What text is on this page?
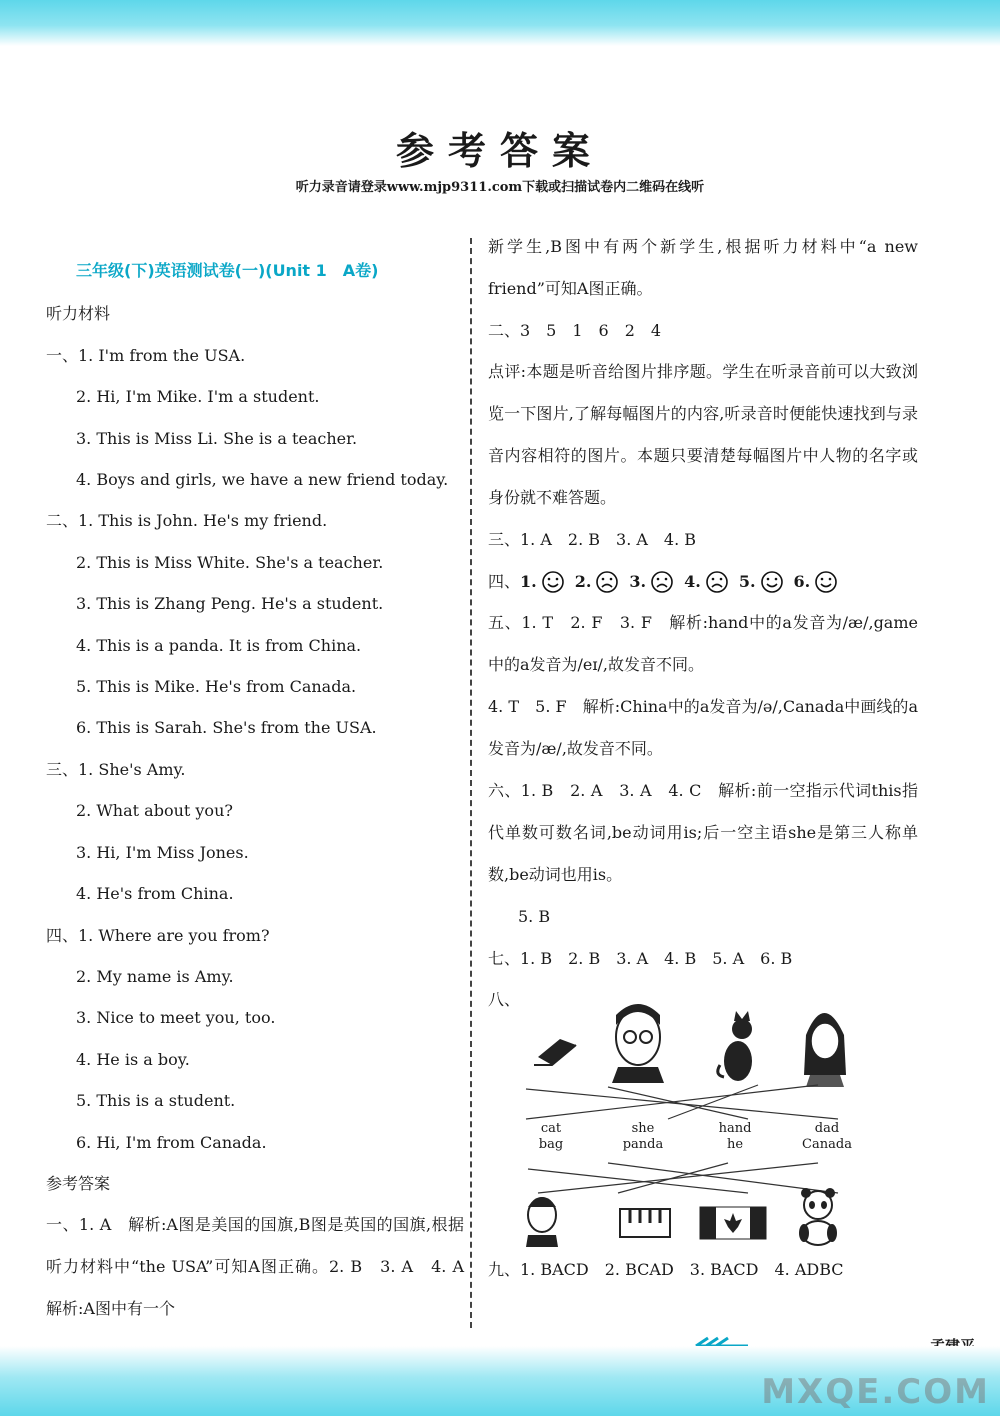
参考答案
听力录音请登录www.mjp9311.com下载或扫描试卷内二维码在线听
三年级(下)英语测试卷(一)(Unit 1　A卷)
听力材料
一、1. I'm from the USA.
2. Hi, I'm Mike. I'm a student.
3. This is Miss Li. She is a teacher.
4. Boys and girls, we have a new friend today.
二、1. This is John. He's my friend.
2. This is Miss White. She's a teacher.
3. This is Zhang Peng. He's a student.
4. This is a panda. It is from China.
5. This is Mike. He's from Canada.
6. This is Sarah. She's from the USA.
三、1. She's Amy.
2. What about you?
3. Hi, I'm Miss Jones.
4. He's from China.
四、1. Where are you from?
2. My name is Amy.
3. Nice to meet you, too.
4. He is a boy.
5. This is a student.
6. Hi, I'm from Canada.
参考答案
一、1. A　解析:A图是美国的国旗,B图是英国的国旗,根据听力材料中“the USA”可知A图正确。2. B　3. A　4. A　解析:A图中有一个
新学生,B图中有两个新学生,根据听力材料中“a new friend”可知A图正确。
二、3　5　1　6　2　4
点评:本题是听音给图片排序题。学生在听录音前可以大致浏览一下图片,了解每幅图片的内容,听录音时便能快速找到与录音内容相符的图片。本题只要清楚每幅图片中人物的名字或身份就不难答题。
三、1. A　2. B　3. A　4. B
四、 1. 2. 3. 4. 5. 6.
五、1. T　2. F　3. F　解析:hand中的a发音为/æ/,game中的a发音为/eɪ/,故发音不同。
4. T　5. F　解析:China中的a发音为/ə/,Canada中画线的a发音为/æ/,故发音不同。
六、1. B　2. A　3. A　4. C　解析:前一空指示代词this指代单数可数名词,be动词用is;后一空主语she是第三人称单数,be动词也用is。
5. B
七、1. B　2. B　3. A　4. B　5. A　6. B
八、
cat
bag
she
panda
hand
he
dad
Canada
九、1. BACD　2. BCAD　3. BACD　4. ADBC
MXQE.COM
